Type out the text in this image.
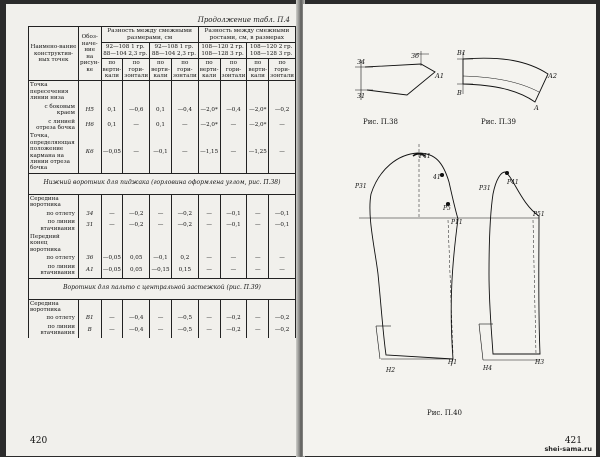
Продолжение табл. П.4
Наимено-вание конструктив-ных точек	Обоз-наче-ние на рисун-ке	Разность между смежными размерами, см				Разность между смежными ростами, см, в размерах			
		92—108 1 гр. 88—104 2,3 гр.		92—108 1 гр. 88—104 2,3 гр.		108—120 2 гр. 108—128 3 гр.		108—120 2 гр. 108—128 3 гр.	
		по верти-кали	по гори-зонтали	по верти-кали	по гори-зонтали	по верти-кали	по гори-зонтали	по верти-кали	по гори-зонтали
Точка пересечения линии низа									
с боковым краем	Н5	0,1	—0,6	0,1	—0,4	—2,0*	—0,4	—2,0*	—0,2
с линией отреза бочка	Н6	0,1	—	0,1	—	—2,0*	—	—2,0*	—
Точка, определяющая положение кармана на линии отреза бочка	К6	—0,05	—	—0,1	—	—1,15	—	—1,25	—
Нижний воротник для пиджака (горловина оформлена углом, рис. П.38)									
Середина воротника									
по отлету	З4	—	—0,2	—	—0,2	—	—0,1	—	—0,1
по линии втачивания	З1	—	—0,2	—	—0,2	—	—0,1	—	—0,1
Передний конец воротника									
по отлету	З6	—0,05	0,05	—0,1	0,2	—	—	—	—
по линии втачивания	А1	—0,05	0,05	—0,15	0,15	—	—	—	—
Воротник для пальто с центральной застежкой (рис. П.39)									
Середина воротника									
по отлету	В1	—	—0,4	—	—0,5	—	—0,2	—	—0,2
по линии втачивания	В	—	—0,4	—	—0,5	—	—0,2	—	—0,2
420
З6
А1
З4
З1
В1
А2
В
А
Р41
Р31
41
Р5
Р11
Н1
Н2
Р41
Р31
Р51
Н3
Н4
Рис. П.38	Рис. П.39
Рис. П.40
421
shei-sama.ru
